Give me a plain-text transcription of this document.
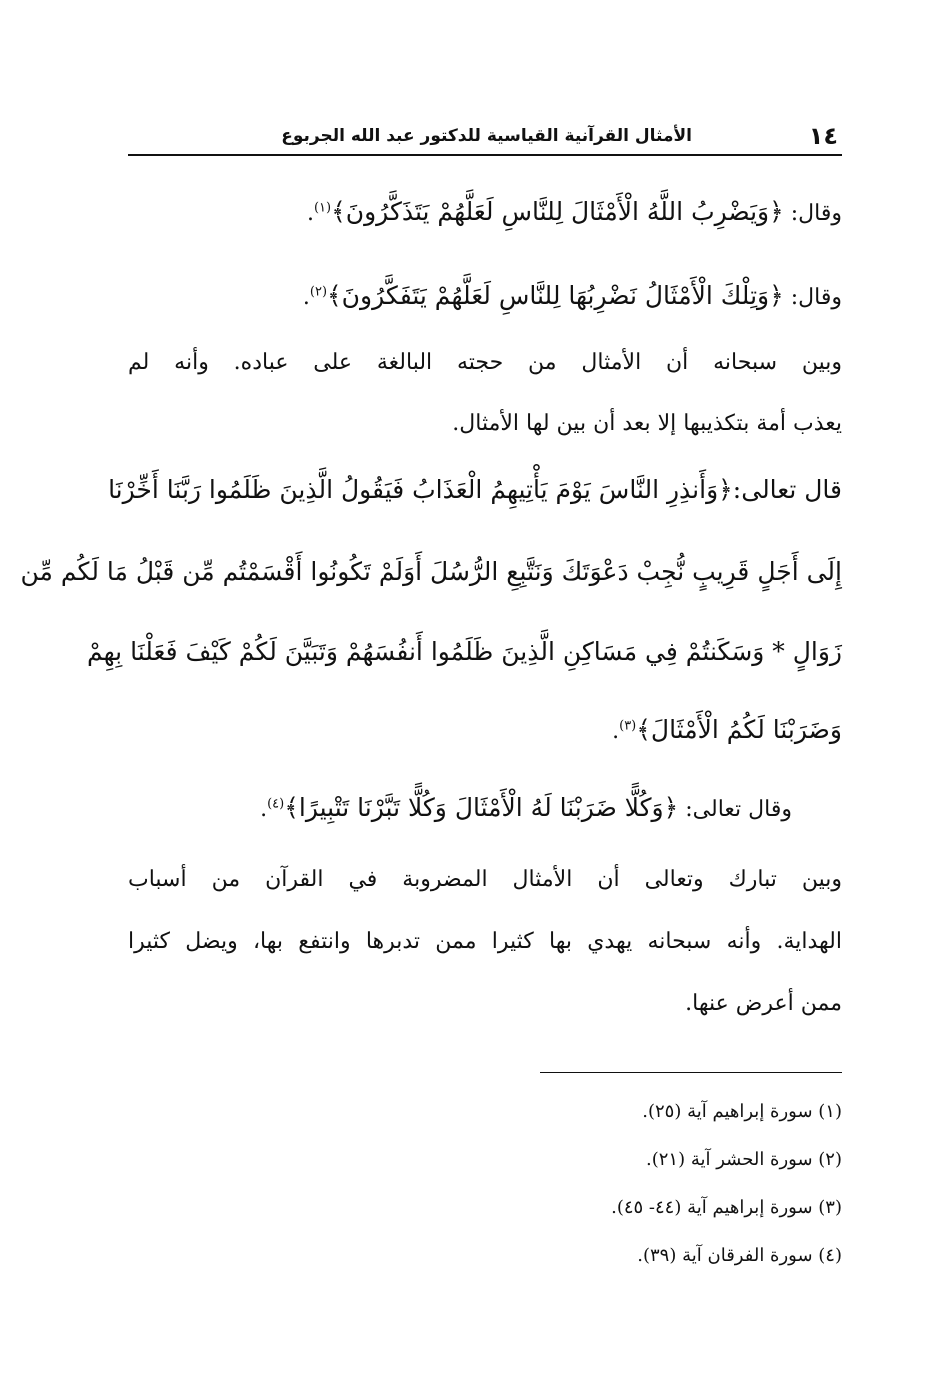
١٤
الأمثال القرآنية القياسية للدكتور عبد الله الجربوع
وقال: ﴿وَيَضْرِبُ اللَّهُ الْأَمْثَالَ لِلنَّاسِ لَعَلَّهُمْ يَتَذَكَّرُونَ﴾$^{(١)}$.
وقال: ﴿وَتِلْكَ الْأَمْثَالُ نَضْرِبُهَا لِلنَّاسِ لَعَلَّهُمْ يَتَفَكَّرُونَ﴾$^{(٢)}$.
وبين سبحانه أن الأمثال من حجته البالغة على عباده. وأنه لم
يعذب أمة بتكذيبها إلا بعد أن بين لها الأمثال.
قال تعالى:﴿وَأَنذِرِ النَّاسَ يَوْمَ يَأْتِيهِمُ الْعَذَابُ فَيَقُولُ الَّذِينَ ظَلَمُوا رَبَّنَا أَخِّرْنَا
إِلَى أَجَلٍ قَرِيبٍ نُّجِبْ دَعْوَتَكَ وَنَتَّبِعِ الرُّسُلَ أَوَلَمْ تَكُونُوا أَقْسَمْتُم مِّن قَبْلُ مَا لَكُم مِّن
زَوَالٍ * وَسَكَنتُمْ فِي مَسَاكِنِ الَّذِينَ ظَلَمُوا أَنفُسَهُمْ وَتَبَيَّنَ لَكُمْ كَيْفَ فَعَلْنَا بِهِمْ
وَضَرَبْنَا لَكُمُ الْأَمْثَالَ﴾$^{(٣)}$.
وقال تعالى: ﴿وَكُلًّا ضَرَبْنَا لَهُ الْأَمْثَالَ وَكُلًّا تَبَّرْنَا تَتْبِيرًا﴾$^{(٤)}$.
وبين تبارك وتعالى أن الأمثال المضروبة في القرآن من أسباب
الهداية. وأنه سبحانه يهدي بها كثيرا ممن تدبرها وانتفع بها، ويضل كثيرا
ممن أعرض عنها.
(١) سورة إبراهيم آية (٢٥).
(٢) سورة الحشر آية (٢١).
(٣) سورة إبراهيم آية (٤٤- ٤٥).
(٤) سورة الفرقان آية (٣٩).
